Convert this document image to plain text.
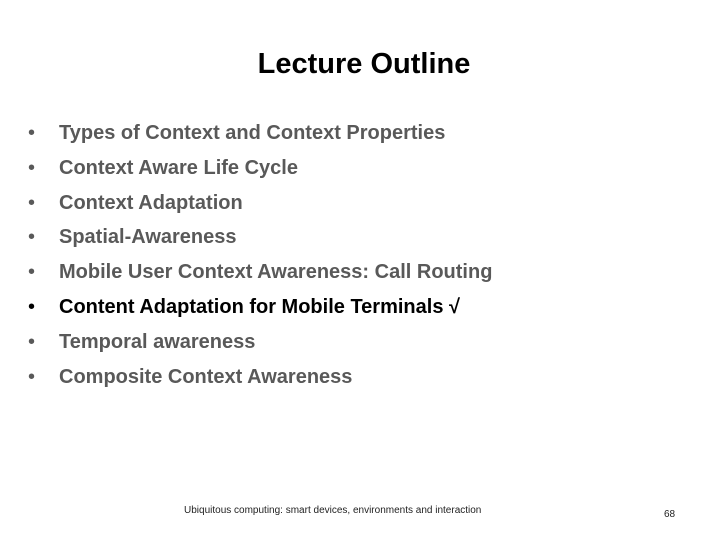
Lecture Outline
•	Types of Context and Context Properties
•	Context Aware Life Cycle
•	Context Adaptation
•	Spatial-Awareness
•	Mobile User Context Awareness: Call Routing
•	Content Adaptation for Mobile Terminals √
•	Temporal awareness
•	Composite Context Awareness
Ubiquitous computing: smart devices, environments and interaction	68
